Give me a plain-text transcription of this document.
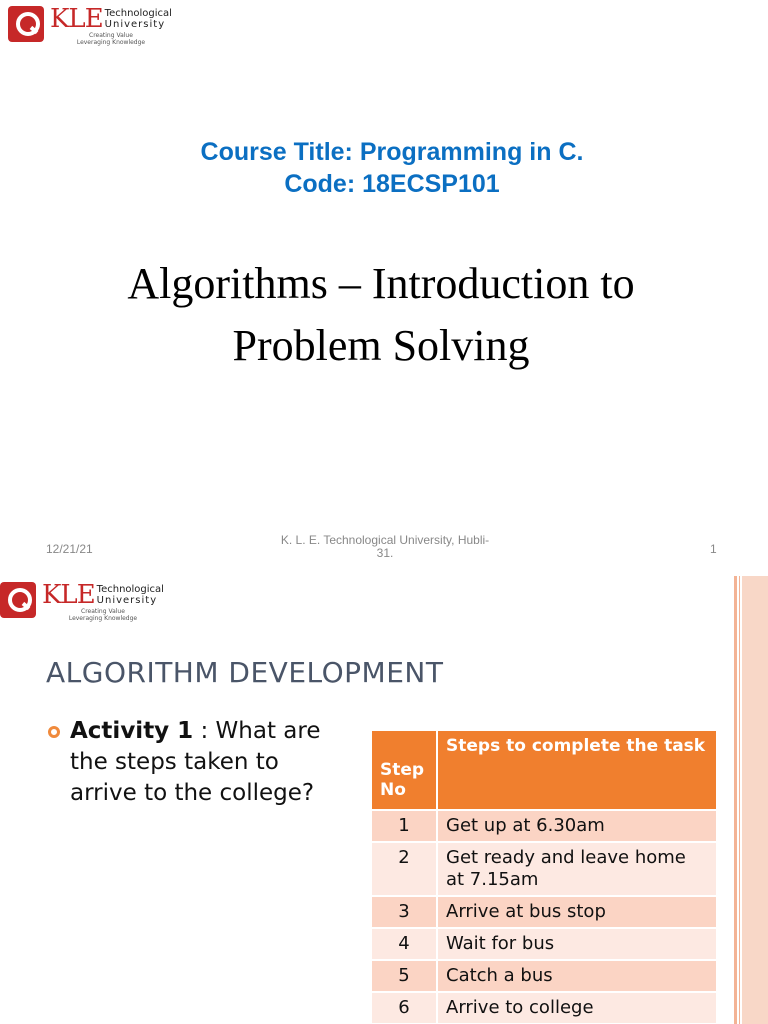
KLE Technological
University
Creating Value
Leveraging Knowledge
Course Title: Programming in C.
Code: 18ECSP101
Algorithms – Introduction to
Problem Solving
12/21/21
K. L. E. Technological University, Hubli-
31.	1
KLE Technological
University
Creating Value
Leveraging Knowledge
ALGORITHM DEVELOPMENT
Activity 1 : What are the steps taken to arrive to the college?
Step No	Steps to complete the task
1	Get up at 6.30am
2	Get ready and leave home at 7.15am
3	Arrive at bus stop
4	Wait for bus
5	Catch a bus
6	Arrive to college
